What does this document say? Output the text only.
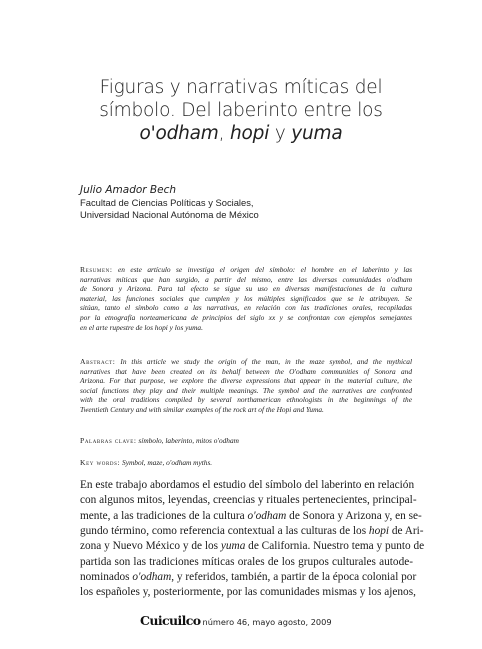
Figuras y narrativas míticas del
símbolo. Del laberinto entre los
o'odham, hopi y yuma
Julio Amador Bech
Facultad de Ciencias Políticas y Sociales,
Universidad Nacional Autónoma de México
Resumen: en este artículo se investiga el origen del símbolo: el hombre en el laberinto y las
narrativas míticas que han surgido, a partir del mismo, entre las diversas comunidades o'odham
de Sonora y Arizona. Para tal efecto se sigue su uso en diversas manifestaciones de la cultura
material, las funciones sociales que cumplen y los múltiples significados que se le atribuyen. Se
sitúan, tanto el símbolo como a las narrativas, en relación con las tradiciones orales, recopiladas
por la etnografía norteamericana de principios del siglo xx y se confrontan con ejemplos semejantes
en el arte rupestre de los hopi y los yuma.
Abstract: In this article we study the origin of the man, in the maze symbol, and the mythical
narratives that have been created on its behalf between the O'odham communities of Sonora and
Arizona. For that purpose, we explore the diverse expressions that appear in the material culture, the
social functions they play and their multiple meanings. The symbol and the narratives are confronted
with the oral traditions compiled by several northamerican ethnologists in the beginnings of the
Twentieth Century and with similar examples of the rock art of the Hopi and Yuma.
Palabras clave: símbolo, laberinto, mitos o'odham
Key words: Symbol, maze, o'odham myths.
En este trabajo abordamos el estudio del símbolo del laberinto en relación
con algunos mitos, leyendas, creencias y rituales pertenecientes, principal-
mente, a las tradiciones de la cultura o'odham de Sonora y Arizona y, en se-
gundo término, como referencia contextual a las culturas de los hopi de Ari-
zona y Nuevo México y de los yuma de California. Nuestro tema y punto de
partida son las tradiciones míticas orales de los grupos culturales autode-
nominados o'odham, y referidos, también, a partir de la época colonial por
los españoles y, posteriormente, por las comunidades mismas y los ajenos,
Cuicuilco número 46, mayo agosto, 2009
